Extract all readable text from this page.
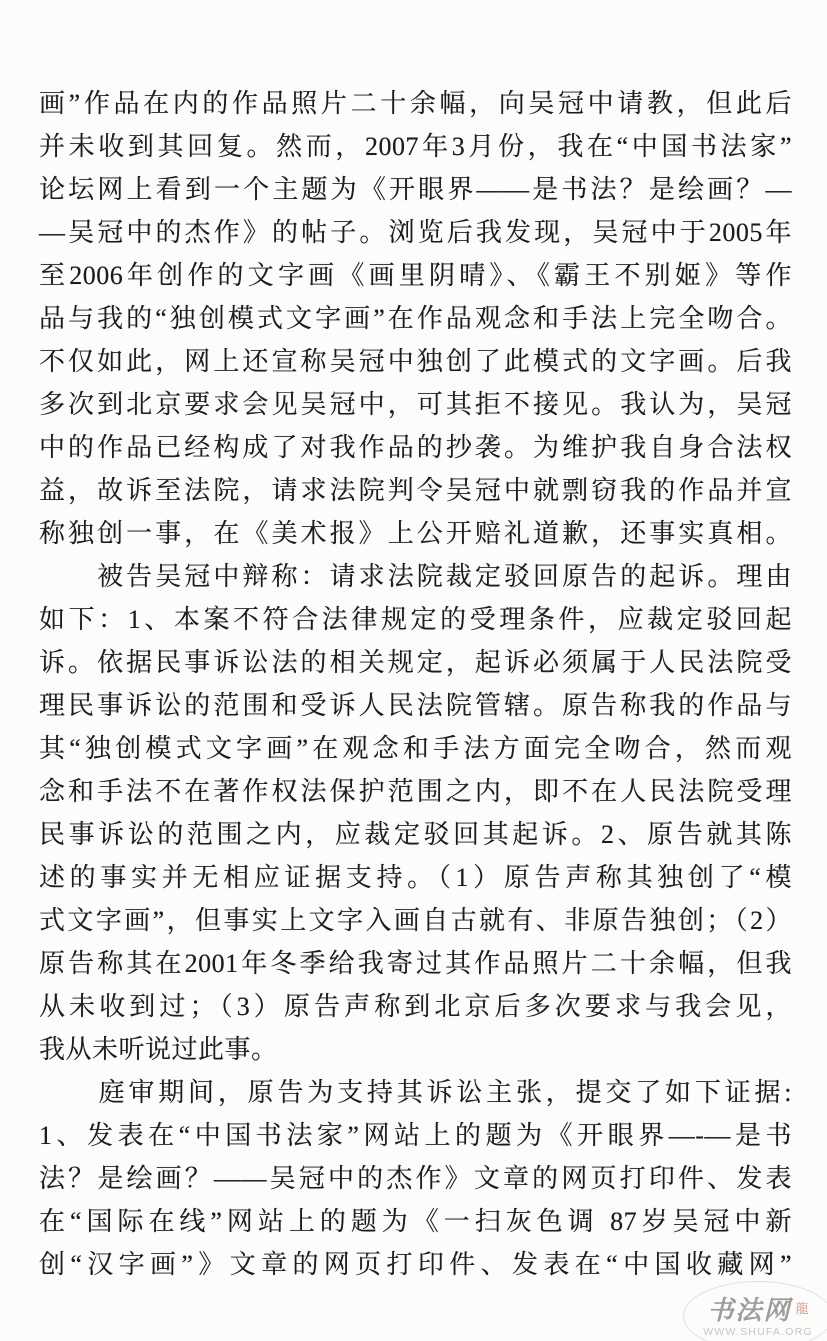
画”作品在内的作品照片二十余幅，向吴冠中请教，但此后
并未收到其回复。然而，2007年3月份，我在“中国书法家”
论坛网上看到一个主题为《开眼界——是书法？是绘画？—
—吴冠中的杰作》的帖子。浏览后我发现，吴冠中于2005年
至2006年创作的文字画《画里阴晴》、《霸王不别姬》等作
品与我的“独创模式文字画”在作品观念和手法上完全吻合。
不仅如此，网上还宣称吴冠中独创了此模式的文字画。后我
多次到北京要求会见吴冠中，可其拒不接见。我认为，吴冠
中的作品已经构成了对我作品的抄袭。为维护我自身合法权
益，故诉至法院，请求法院判令吴冠中就剽窃我的作品并宣
称独创一事，在《美术报》上公开赔礼道歉，还事实真相。
　　被告吴冠中辩称：请求法院裁定驳回原告的起诉。理由
如下：1、本案不符合法律规定的受理条件，应裁定驳回起
诉。依据民事诉讼法的相关规定，起诉必须属于人民法院受
理民事诉讼的范围和受诉人民法院管辖。原告称我的作品与
其“独创模式文字画”在观念和手法方面完全吻合，然而观
念和手法不在著作权法保护范围之内，即不在人民法院受理
民事诉讼的范围之内，应裁定驳回其起诉。2、原告就其陈
述的事实并无相应证据支持。（1）原告声称其独创了“模
式文字画”，但事实上文字入画自古就有、非原告独创；（2）
原告称其在2001年冬季给我寄过其作品照片二十余幅，但我
从未收到过；（3）原告声称到北京后多次要求与我会见，
我从未听说过此事。
　　庭审期间，原告为支持其诉讼主张，提交了如下证据:
1、发表在“中国书法家”网站上的题为《开眼界—-—是书
法？是绘画？——吴冠中的杰作》文章的网页打印件、发表
在“国际在线”网站上的题为《一扫灰色调 87岁吴冠中新
创“汉字画”》文章的网页打印件、发表在“中国收藏网”
书法网 龍
WWW.SHUFA.ORG
